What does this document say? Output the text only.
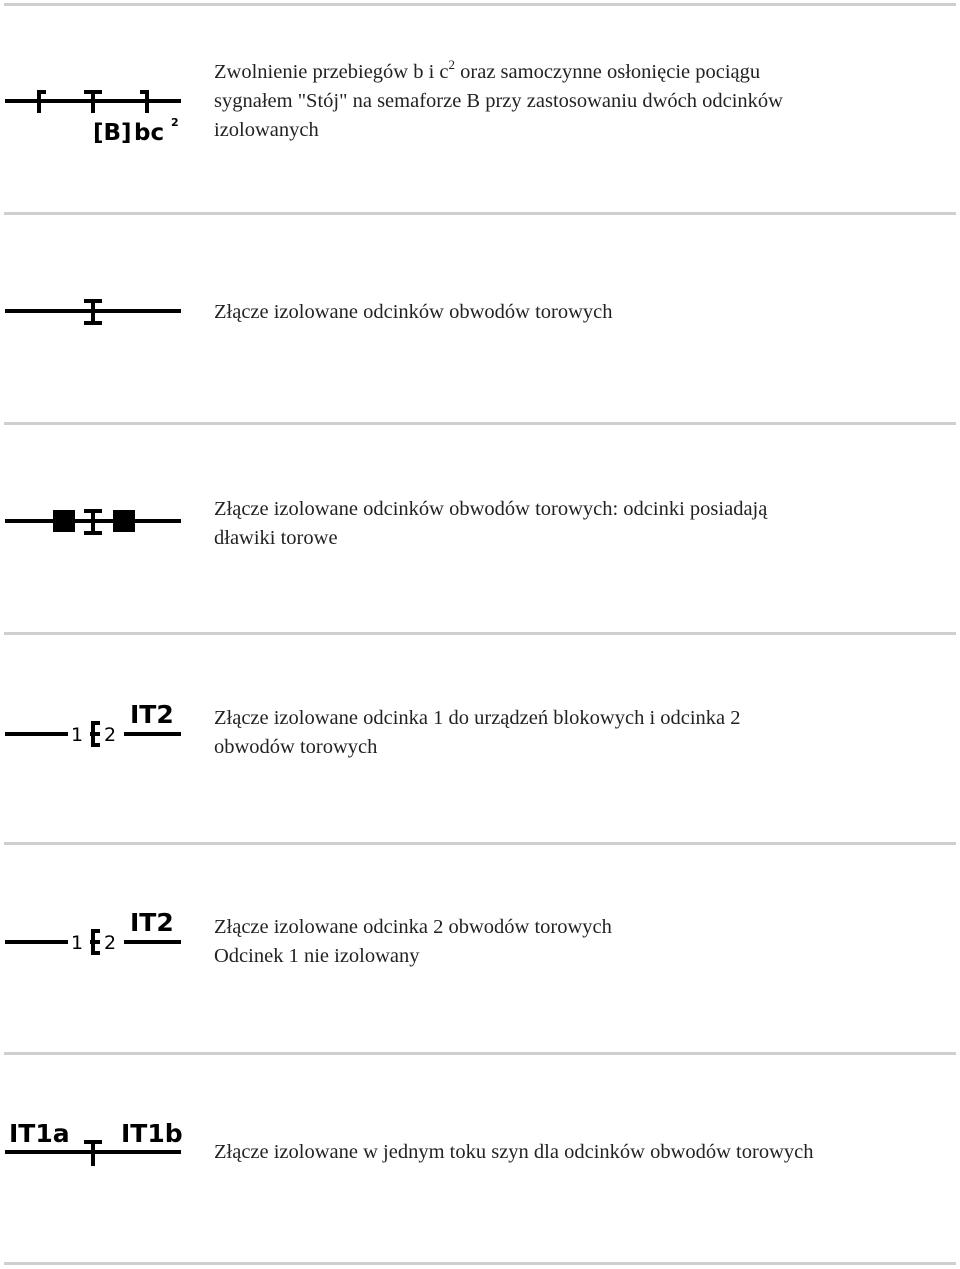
[B] bc 2

Zwolnienie przebiegów b i $c^2$ oraz samoczynne osłonięcie pociągu
sygnałem "Stój" na semaforze B przy zastosowaniu dwóch odcinków
izolowanych

Złącze izolowane odcinków obwodów torowych

Złącze izolowane odcinków obwodów torowych: odcinki posiadają
dławiki torowe

1 2
IT2 Złącze izolowane odcinka 1 do urządzeń blokowych i odcinka 2
obwodów torowych

1 2
IT2 Złącze izolowane odcinka 2 obwodów torowych
Odcinek 1 nie izolowany

IT1a IT1b

Złącze izolowane w jednym toku szyn dla odcinków obwodów torowych
